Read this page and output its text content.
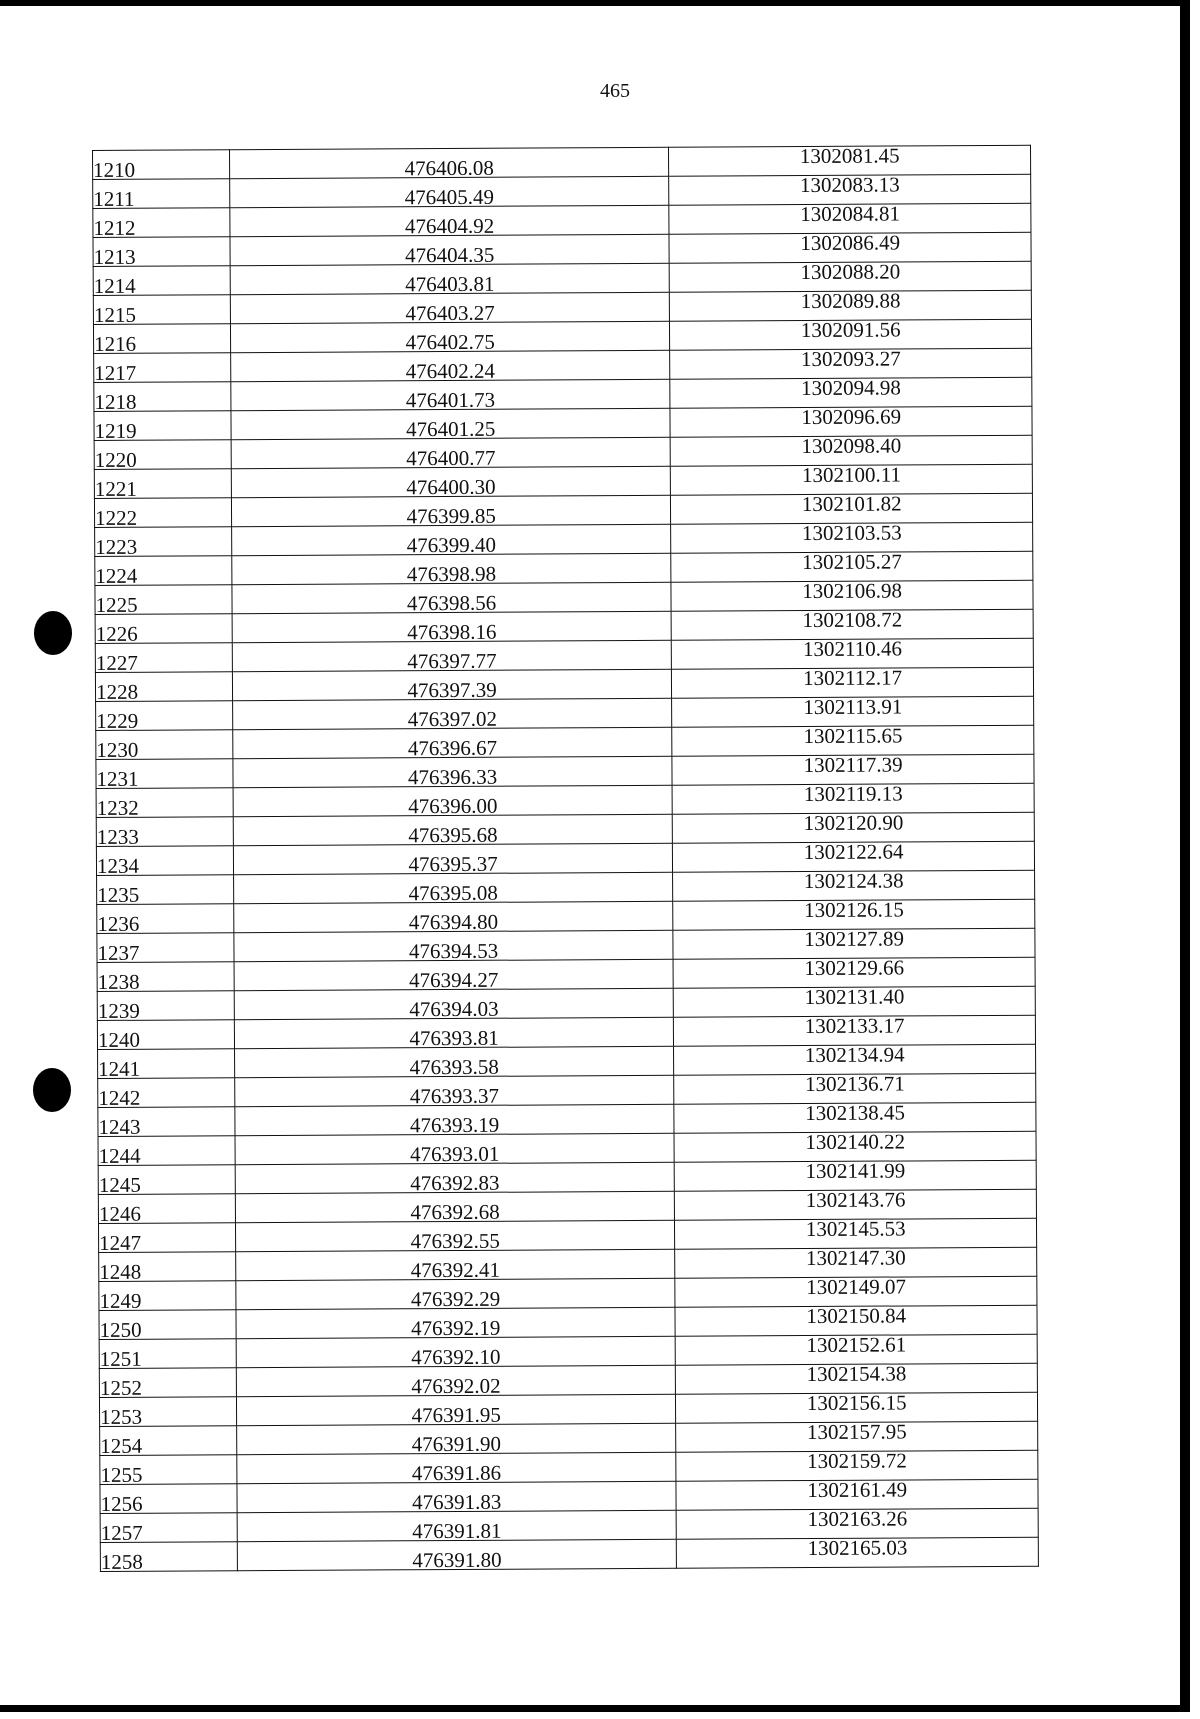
465
1210	476406.08	1302081.45
1211	476405.49	1302083.13
1212	476404.92	1302084.81
1213	476404.35	1302086.49
1214	476403.81	1302088.20
1215	476403.27	1302089.88
1216	476402.75	1302091.56
1217	476402.24	1302093.27
1218	476401.73	1302094.98
1219	476401.25	1302096.69
1220	476400.77	1302098.40
1221	476400.30	1302100.11
1222	476399.85	1302101.82
1223	476399.40	1302103.53
1224	476398.98	1302105.27
1225	476398.56	1302106.98
1226	476398.16	1302108.72
1227	476397.77	1302110.46
1228	476397.39	1302112.17
1229	476397.02	1302113.91
1230	476396.67	1302115.65
1231	476396.33	1302117.39
1232	476396.00	1302119.13
1233	476395.68	1302120.90
1234	476395.37	1302122.64
1235	476395.08	1302124.38
1236	476394.80	1302126.15
1237	476394.53	1302127.89
1238	476394.27	1302129.66
1239	476394.03	1302131.40
1240	476393.81	1302133.17
1241	476393.58	1302134.94
1242	476393.37	1302136.71
1243	476393.19	1302138.45
1244	476393.01	1302140.22
1245	476392.83	1302141.99
1246	476392.68	1302143.76
1247	476392.55	1302145.53
1248	476392.41	1302147.30
1249	476392.29	1302149.07
1250	476392.19	1302150.84
1251	476392.10	1302152.61
1252	476392.02	1302154.38
1253	476391.95	1302156.15
1254	476391.90	1302157.95
1255	476391.86	1302159.72
1256	476391.83	1302161.49
1257	476391.81	1302163.26
1258	476391.80	1302165.03
